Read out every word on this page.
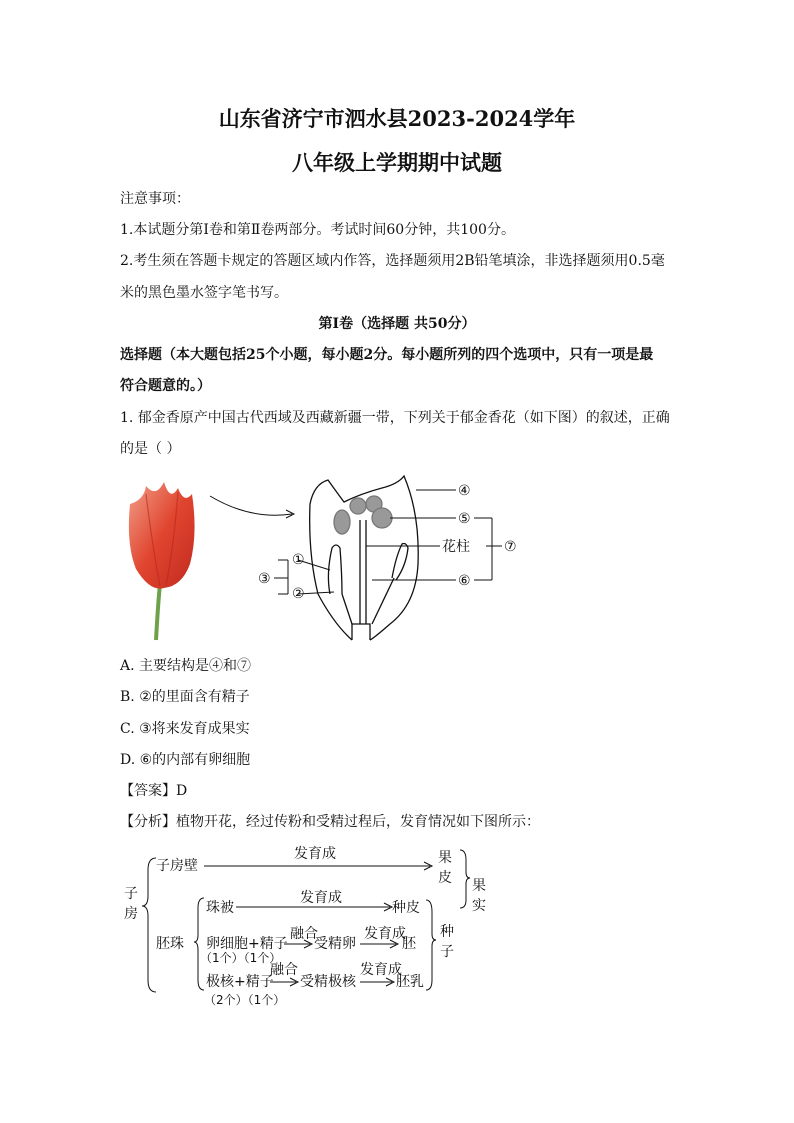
山东省济宁市泗水县2023-2024学年
八年级上学期期中试题
注意事项：
1.本试题分第Ⅰ卷和第Ⅱ卷两部分。考试时间60分钟，共100分。
2.考生须在答题卡规定的答题区域内作答，选择题须用2B铅笔填涂，非选择题须用0.5毫
米的黑色墨水签字笔书写。
第Ⅰ卷（选择题 共50分）
选择题（本大题包括25个小题，每小题2分。每小题所列的四个选项中，只有一项是最
符合题意的。）
1. 郁金香原产中国古代西域及西藏新疆一带，下列关于郁金香花（如下图）的叙述，正确
的是（ ）
④
⑤
花柱 ⑦
⑥
①
②
③
A. 主要结构是④和⑦
B. ②的里面含有精子
C. ③将来发育成果实
D. ⑥的内部有卵细胞
【答案】D
【分析】植物开花，经过传粉和受精过程后，发育情况如下图所示：
子
房
子房壁
发育成	果
皮 果
实
胚珠
珠被
发育成
种皮
种
子
卵细胞+精子
（1个）（1个）
融合
受精卵
发育成
胚
极核+精子
（2个）（1个）
融合
受精极核
发育成
胚乳
